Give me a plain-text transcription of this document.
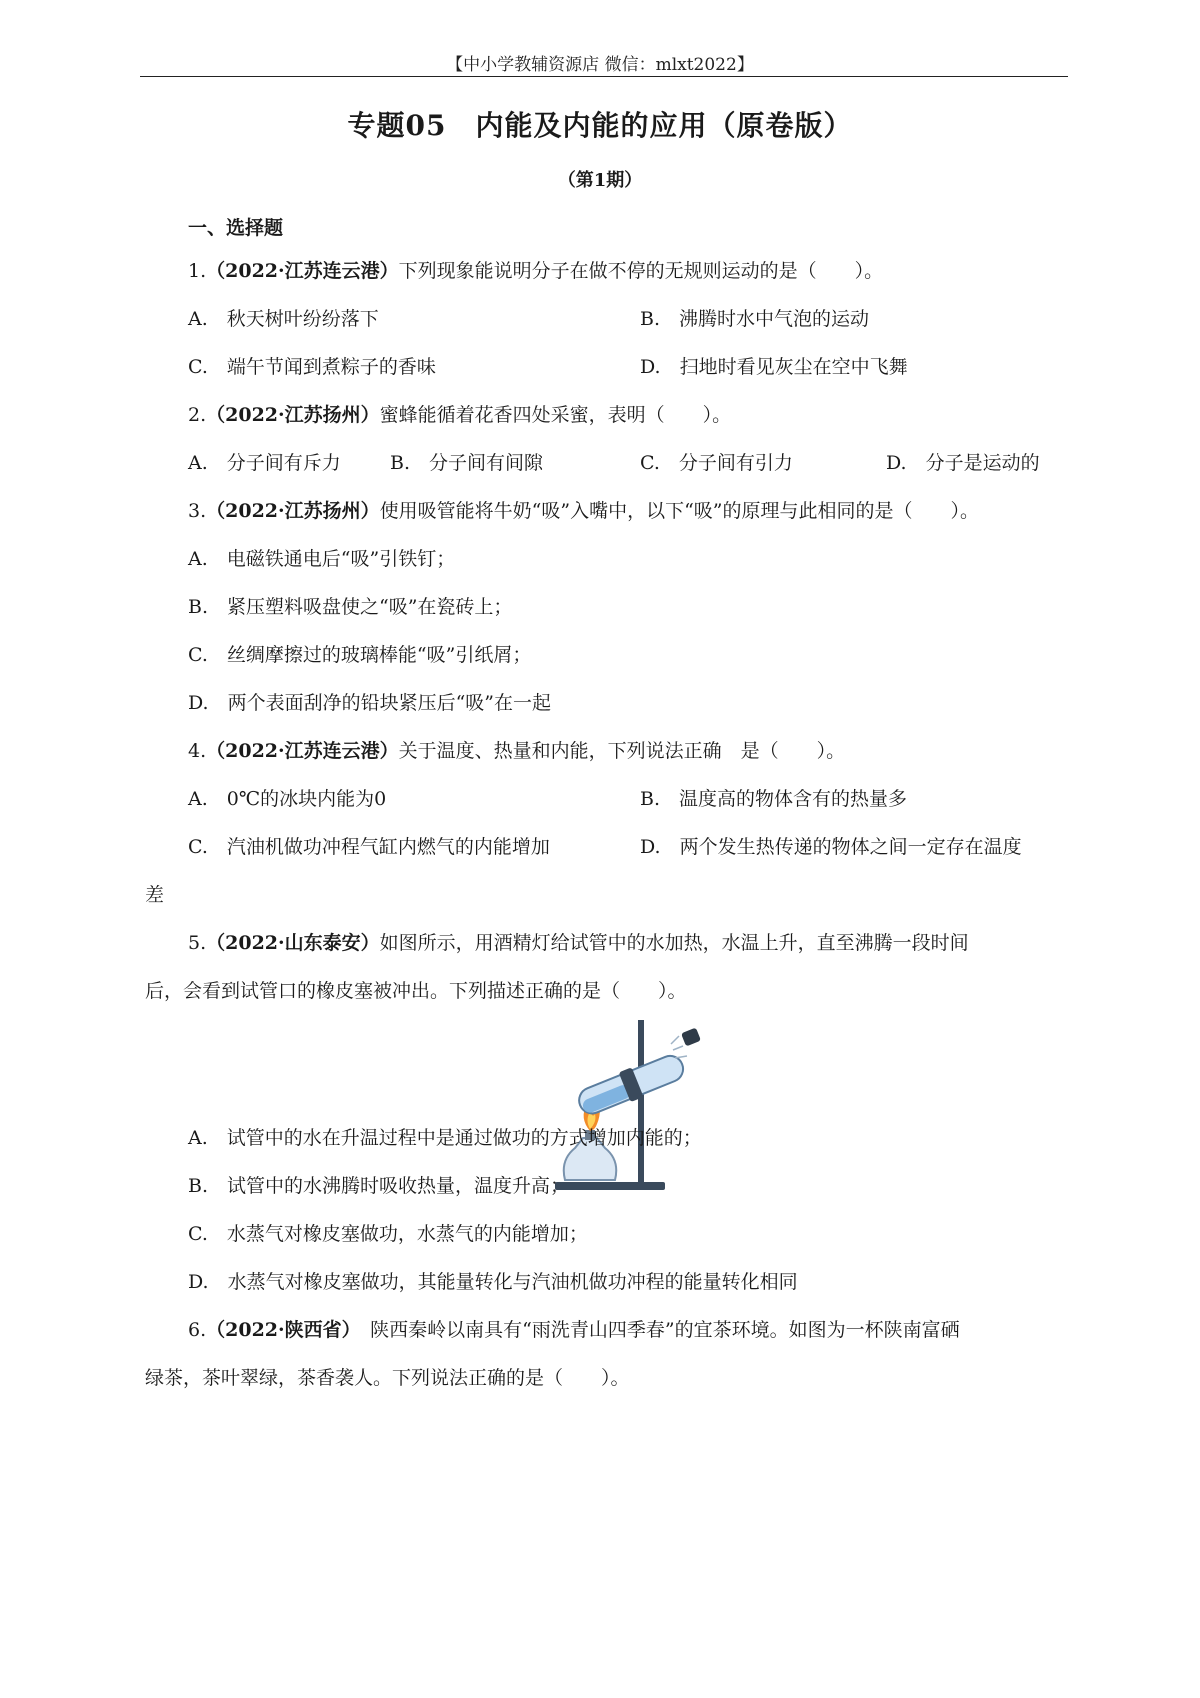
【中小学教辅资源店 微信：mlxt2022】
专题05　内能及内能的应用（原卷版）
（第1期）
一、选择题
1.（2022·江苏连云港）下列现象能说明分子在做不停的无规则运动的是（　　）。
A.　秋天树叶纷纷落下	B.　沸腾时水中气泡的运动
C.　端午节闻到煮粽子的香味	D.　扫地时看见灰尘在空中飞舞
2.（2022·江苏扬州）蜜蜂能循着花香四处采蜜，表明（　　）。
A.　分子间有斥力	B.　分子间有间隙	C.　分子间有引力	D.　分子是运动的
3.（2022·江苏扬州）使用吸管能将牛奶“吸”入嘴中，以下“吸”的原理与此相同的是（　　）。
A.　电磁铁通电后“吸”引铁钉；
B.　紧压塑料吸盘使之“吸”在瓷砖上；
C.　丝绸摩擦过的玻璃棒能“吸”引纸屑；
D.　两个表面刮净的铅块紧压后“吸”在一起
4.（2022·江苏连云港）关于温度、热量和内能，下列说法正确　是（　　）。
A.　0℃的冰块内能为0	B.　温度高的物体含有的热量多
C.　汽油机做功冲程气缸内燃气的内能增加	D.　两个发生热传递的物体之间一定存在温度
差
5.（2022·山东泰安）如图所示，用酒精灯给试管中的水加热，水温上升，直至沸腾一段时间
后，会看到试管口的橡皮塞被冲出。下列描述正确的是（　　）。
A.　试管中的水在升温过程中是通过做功的方式增加内能的；
B.　试管中的水沸腾时吸收热量，温度升高；
C.　水蒸气对橡皮塞做功，水蒸气的内能增加；
D.　水蒸气对橡皮塞做功，其能量转化与汽油机做功冲程的能量转化相同
6.（2022·陕西省）　陕西秦岭以南具有“雨洗青山四季春”的宜茶环境。如图为一杯陕南富硒
绿茶，茶叶翠绿，茶香袭人。下列说法正确的是（　　）。
